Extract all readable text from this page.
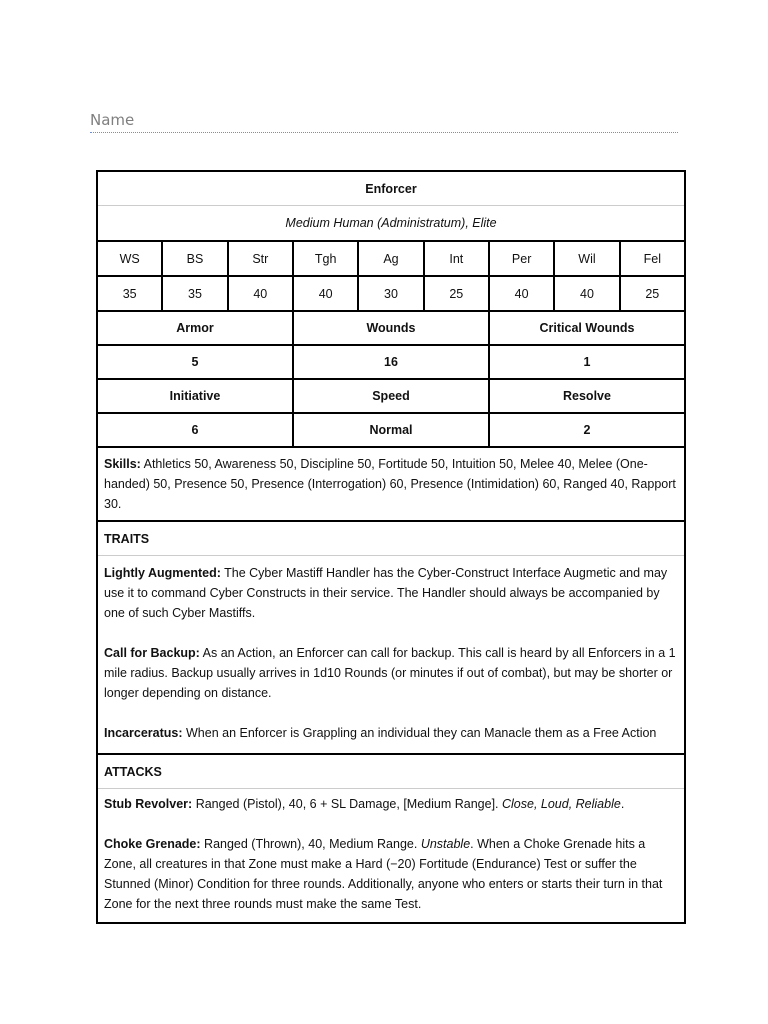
Name
Enforcer								
Medium Human (Administratum), Elite								
WS	BS	Str	Tgh	Ag	Int	Per	Wil	Fel
35	35	40	40	30	25	40	40	25
Armor			Wounds			Critical Wounds		
5			16			1		
Initiative			Speed			Resolve		
6			Normal			2		
Skills: Athletics 50, Awareness 50, Discipline 50, Fortitude 50, Intuition 50, Melee 40, Melee (One-handed) 50, Presence 50, Presence (Interrogation) 60, Presence (Intimidation) 60, Ranged 40, Rapport 30.								
TRAITS								

Lightly Augmented: The Cyber Mastiff Handler has the Cyber-Construct Interface Augmetic and may use it to command Cyber Constructs in their service. The Handler should always be accompanied by one of such Cyber Mastiffs.

Call for Backup: As an Action, an Enforcer can call for backup. This call is heard by all Enforcers in a 1 mile radius. Backup usually arrives in 1d10 Rounds (or minutes if out of combat), but may be shorter or longer depending on distance.

Incarceratus: When an Enforcer is Grappling an individual they can Manacle them as a Free Action								

ATTACKS								

Stub Revolver: Ranged (Pistol), 40, 6 + SL Damage, [Medium Range]. Close, Loud, Reliable.

Choke Grenade: Ranged (Thrown), 40, Medium Range. Unstable. When a Choke Grenade hits a Zone, all creatures in that Zone must make a Hard (−20) Fortitude (Endurance) Test or suffer the Stunned (Minor) Condition for three rounds. Additionally, anyone who enters or starts their turn in that Zone for the next three rounds must make the same Test.								
